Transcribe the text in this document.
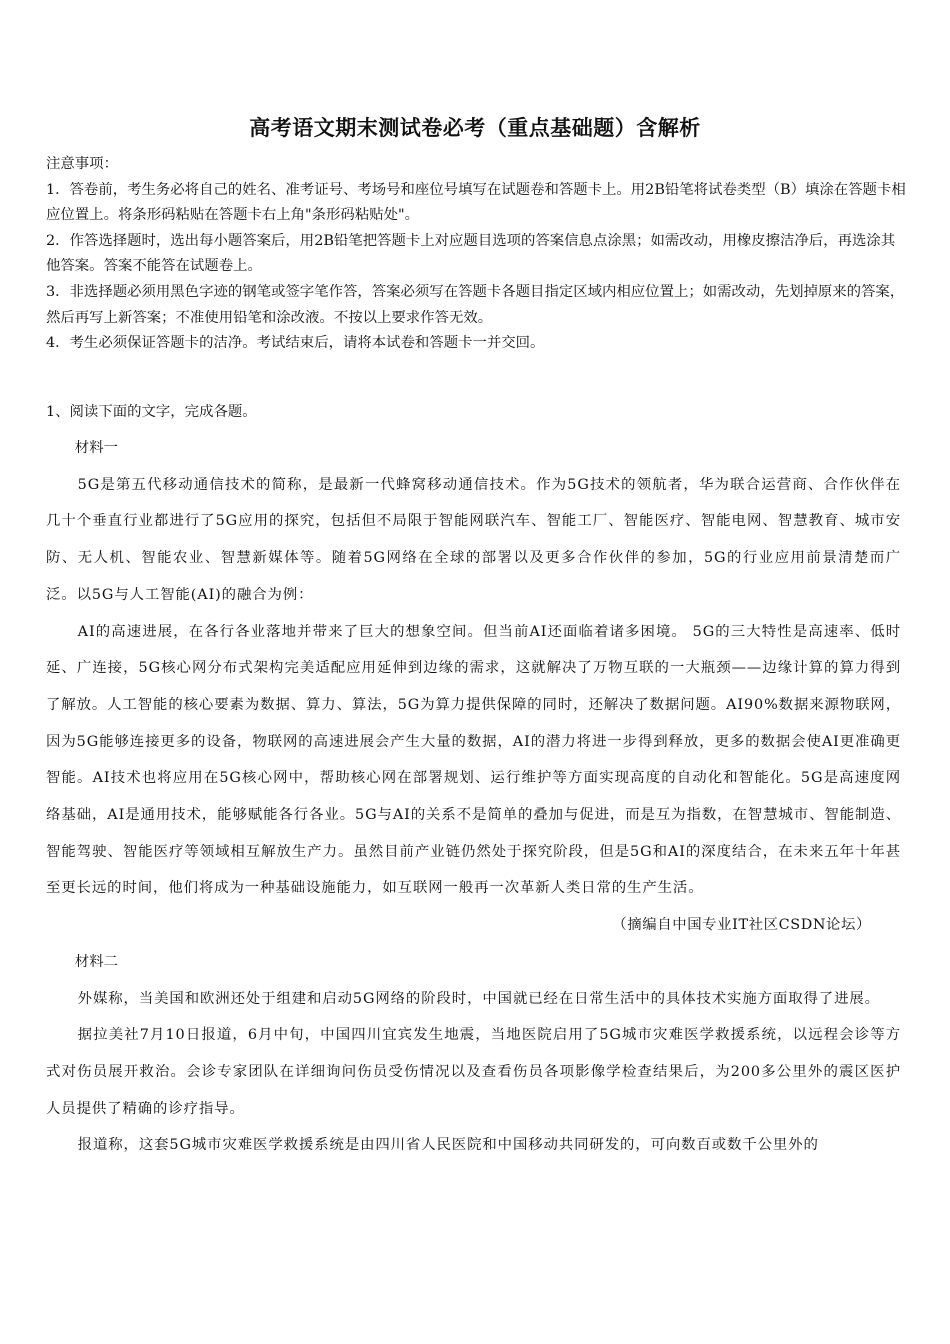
高考语文期末测试卷必考（重点基础题）含解析

注意事项：

1．答卷前，考生务必将自己的姓名、准考证号、考场号和座位号填写在试题卷和答题卡上。用2B铅笔将试卷类型（B）填涂在答题卡相应位置上。将条形码粘贴在答题卡右上角"条形码粘贴处"。

2．作答选择题时，选出每小题答案后，用2B铅笔把答题卡上对应题目选项的答案信息点涂黑；如需改动，用橡皮擦洁净后，再选涂其他答案。答案不能答在试题卷上。

3．非选择题必须用黑色字迹的钢笔或签字笔作答，答案必须写在答题卡各题目指定区域内相应位置上；如需改动，先划掉原来的答案，然后再写上新答案；不准使用铅笔和涂改液。不按以上要求作答无效。

4．考生必须保证答题卡的洁净。考试结束后，请将本试卷和答题卡一并交回。

1、阅读下面的文字，完成各题。

材料一

5G是第五代移动通信技术的简称，是最新一代蜂窝移动通信技术。作为5G技术的领航者，华为联合运营商、合作伙伴在几十个垂直行业都进行了5G应用的探究，包括但不局限于智能网联汽车、智能工厂、智能医疗、智能电网、智慧教育、城市安防、无人机、智能农业、智慧新媒体等。随着5G网络在全球的部署以及更多合作伙伴的参加，5G的行业应用前景清楚而广泛。以5G与人工智能(AI)的融合为例：

AI的高速进展，在各行各业落地并带来了巨大的想象空间。但当前AI还面临着诸多困境。 5G的三大特性是高速率、低时延、广连接，5G核心网分布式架构完美适配应用延伸到边缘的需求，这就解决了万物互联的一大瓶颈——边缘计算的算力得到了解放。人工智能的核心要素为数据、算力、算法，5G为算力提供保障的同时，还解决了数据问题。AI90%数据来源物联网，因为5G能够连接更多的设备，物联网的高速进展会产生大量的数据，AI的潜力将进一步得到释放，更多的数据会使AI更准确更智能。AI技术也将应用在5G核心网中，帮助核心网在部署规划、运行维护等方面实现高度的自动化和智能化。5G是高速度网络基础，AI是通用技术，能够赋能各行各业。5G与AI的关系不是简单的叠加与促进，而是互为指数，在智慧城市、智能制造、智能驾驶、智能医疗等领域相互解放生产力。虽然目前产业链仍然处于探究阶段，但是5G和AI的深度结合，在未来五年十年甚至更长远的时间，他们将成为一种基础设施能力，如互联网一般再一次革新人类日常的生产生活。

（摘编自中国专业IT社区CSDN论坛）

材料二

外媒称，当美国和欧洲还处于组建和启动5G网络的阶段时，中国就已经在日常生活中的具体技术实施方面取得了进展。

据拉美社7月10日报道，6月中旬，中国四川宜宾发生地震，当地医院启用了5G城市灾难医学救援系统，以远程会诊等方式对伤员展开救治。会诊专家团队在详细询问伤员受伤情况以及查看伤员各项影像学检查结果后，为200多公里外的震区医护人员提供了精确的诊疗指导。

报道称，这套5G城市灾难医学救援系统是由四川省人民医院和中国移动共同研发的，可向数百或数千公里外的
